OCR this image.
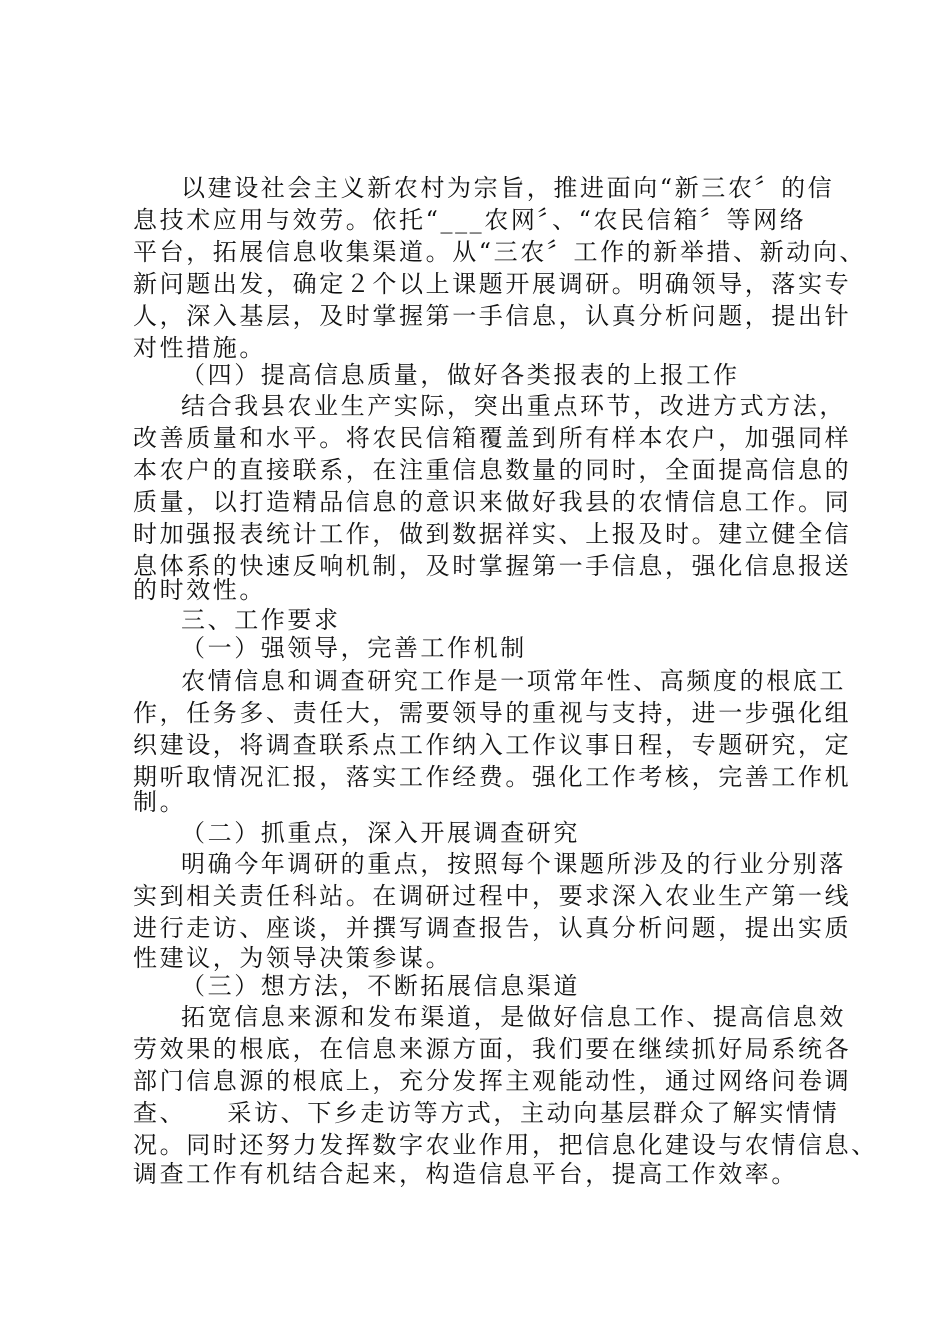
以建设社会主义新农村为宗旨，推进面向“新三农〞的信
息技术应用与效劳。依托“___农网〞、“农民信箱〞等网络
平台，拓展信息收集渠道。从“三农〞工作的新举措、新动向、
新问题出发，确定２个以上课题开展调研。明确领导，落实专
人，深入基层，及时掌握第一手信息，认真分析问题，提出针
对性措施。
（四）提高信息质量，做好各类报表的上报工作
结合我县农业生产实际，突出重点环节，改进方式方法，
改善质量和水平。将农民信箱覆盖到所有样本农户，加强同样
本农户的直接联系，在注重信息数量的同时，全面提高信息的
质量，以打造精品信息的意识来做好我县的农情信息工作。同
时加强报表统计工作，做到数据祥实、上报及时。建立健全信
息体系的快速反响机制，及时掌握第一手信息，强化信息报送
的时效性。
三、工作要求
（一）强领导，完善工作机制
农情信息和调查研究工作是一项常年性、高频度的根底工
作，任务多、责任大，需要领导的重视与支持，进一步强化组
织建设，将调查联系点工作纳入工作议事日程，专题研究，定
期听取情况汇报，落实工作经费。强化工作考核，完善工作机
制。
（二）抓重点，深入开展调查研究
明确今年调研的重点，按照每个课题所涉及的行业分别落
实到相关责任科站。在调研过程中，要求深入农业生产第一线
进行走访、座谈，并撰写调查报告，认真分析问题，提出实质
性建议，为领导决策参谋。
（三）想方法，不断拓展信息渠道
拓宽信息来源和发布渠道，是做好信息工作、提高信息效
劳效果的根底，在信息来源方面，我们要在继续抓好局系统各
部门信息源的根底上，充分发挥主观能动性，通过网络问卷调
查、　　采访、下乡走访等方式，主动向基层群众了解实情情
况。同时还努力发挥数字农业作用，把信息化建设与农情信息、
调查工作有机结合起来，构造信息平台，提高工作效率。
